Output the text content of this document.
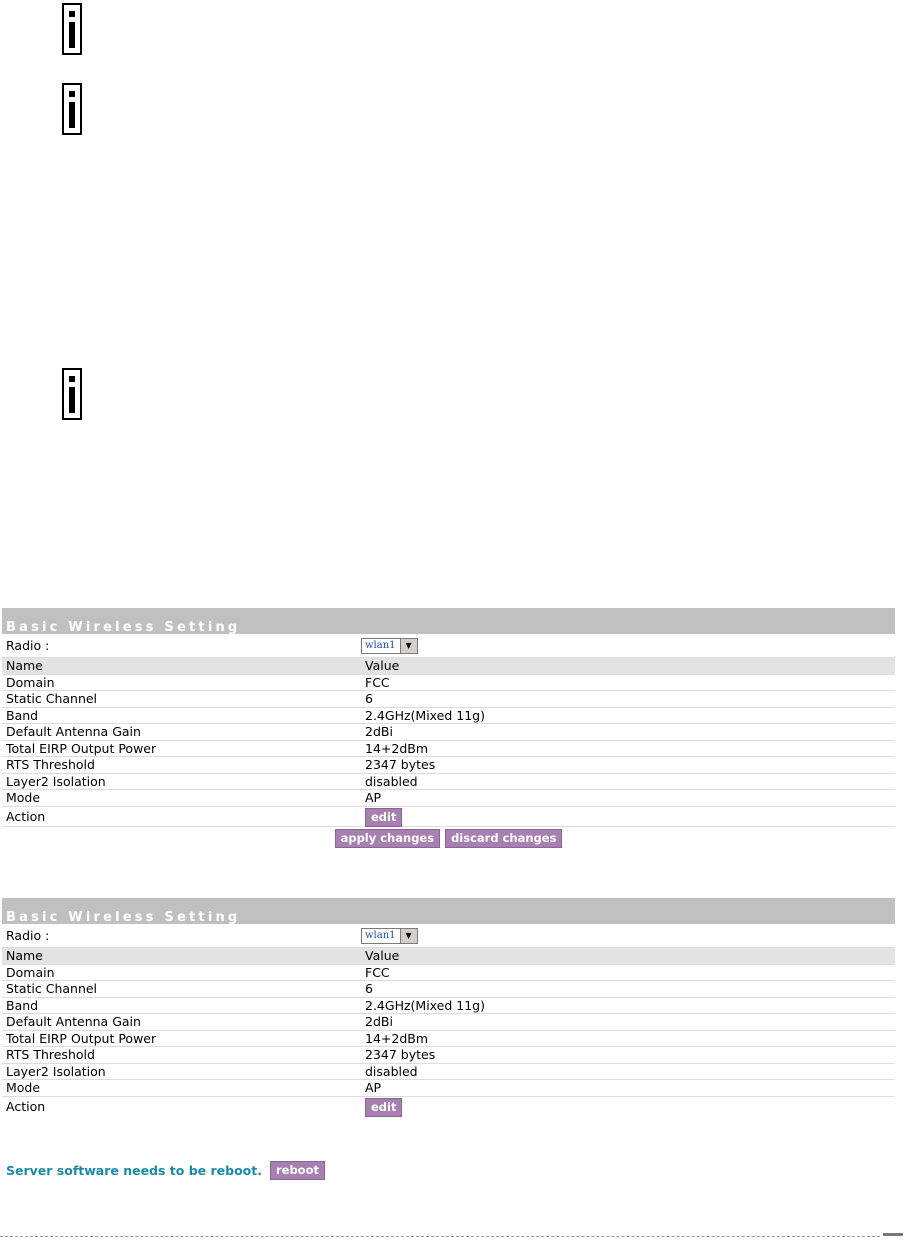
Basic Wireless Setting
Radio :	wlan1	▼
Name	Value
Domain	FCC
Static Channel	6
Band	2.4GHz(Mixed 11g)
Default Antenna Gain	2dBi
Total EIRP Output Power	14+2dBm
RTS Threshold	2347 bytes
Layer2 Isolation	disabled
Mode	AP
Action	edit
apply changes	discard changes
Basic Wireless Setting
Radio :	wlan1	▼
Name	Value
Domain	FCC
Static Channel	6
Band	2.4GHz(Mixed 11g)
Default Antenna Gain	2dBi
Total EIRP Output Power	14+2dBm
RTS Threshold	2347 bytes
Layer2 Isolation	disabled
Mode	AP
Action	edit
Server software needs to be reboot.	reboot
